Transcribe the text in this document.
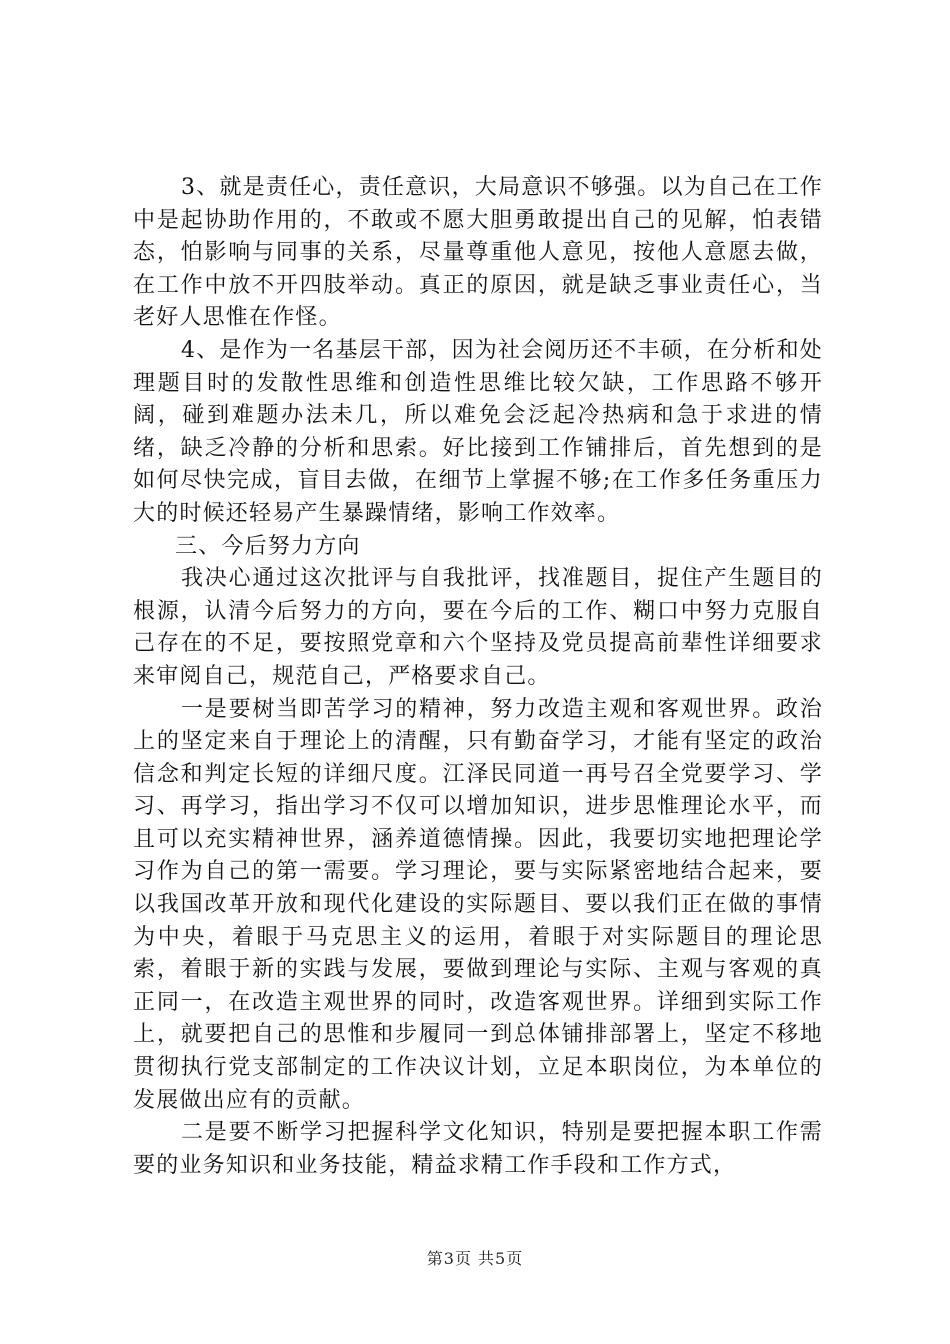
3、就是责任心，责任意识，大局意识不够强。以为自己在工作中是起协助作用的，不敢或不愿大胆勇敢提出自己的见解，怕表错态，怕影响与同事的关系，尽量尊重他人意见，按他人意愿去做，在工作中放不开四肢举动。真正的原因，就是缺乏事业责任心，当老好人思惟在作怪。

4、是作为一名基层干部，因为社会阅历还不丰硕，在分析和处理题目时的发散性思维和创造性思维比较欠缺，工作思路不够开阔，碰到难题办法未几，所以难免会泛起冷热病和急于求进的情绪，缺乏冷静的分析和思索。好比接到工作铺排后，首先想到的是如何尽快完成，盲目去做，在细节上掌握不够;在工作多任务重压力大的时候还轻易产生暴躁情绪，影响工作效率。

三、今后努力方向

我决心通过这次批评与自我批评，找准题目，捉住产生题目的根源，认清今后努力的方向，要在今后的工作、糊口中努力克服自己存在的不足，要按照党章和六个坚持及党员提高前辈性详细要求来审阅自己，规范自己，严格要求自己。

一是要树当即苦学习的精神，努力改造主观和客观世界。政治上的坚定来自于理论上的清醒，只有勤奋学习，才能有坚定的政治信念和判定长短的详细尺度。江泽民同道一再号召全党要学习、学习、再学习，指出学习不仅可以增加知识，进步思惟理论水平，而且可以充实精神世界，涵养道德情操。因此，我要切实地把理论学习作为自己的第一需要。学习理论，要与实际紧密地结合起来，要以我国改革开放和现代化建设的实际题目、要以我们正在做的事情为中央，着眼于马克思主义的运用，着眼于对实际题目的理论思索，着眼于新的实践与发展，要做到理论与实际、主观与客观的真正同一，在改造主观世界的同时，改造客观世界。详细到实际工作上，就要把自己的思惟和步履同一到总体铺排部署上，坚定不移地贯彻执行党支部制定的工作决议计划，立足本职岗位，为本单位的发展做出应有的贡献。

二是要不断学习把握科学文化知识，特别是要把握本职工作需要的业务知识和业务技能，精益求精工作手段和工作方式，

第3页 共5页
